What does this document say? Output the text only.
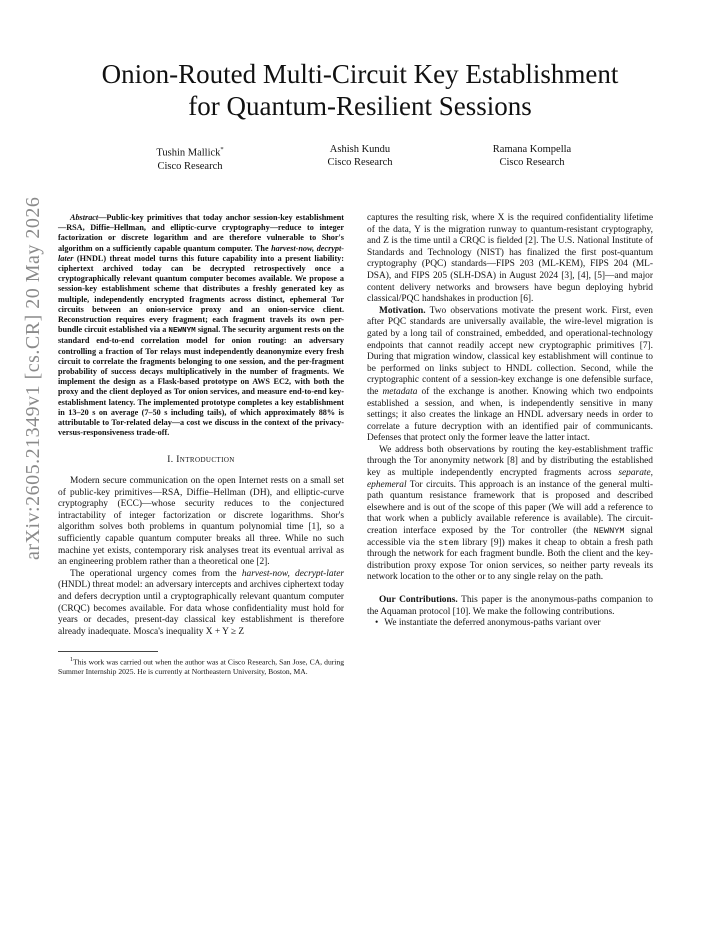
arXiv:2605.21349v1 [cs.CR] 20 May 2026
Onion-Routed Multi-Circuit Key Establishment
for Quantum-Resilient Sessions
Tushin Mallick*
Cisco Research
Ashish Kundu
Cisco Research
Ramana Kompella
Cisco Research

Abstract—Public-key primitives that today anchor session-key establishment—RSA, Diffie–Hellman, and elliptic-curve cryptography—reduce to integer factorization or discrete logarithm and are therefore vulnerable to Shor's algorithm on a sufficiently capable quantum computer. The harvest-now, decrypt-later (HNDL) threat model turns this future capability into a present liability: ciphertext archived today can be decrypted retrospectively once a cryptographically relevant quantum computer becomes available. We propose a session-key establishment scheme that distributes a freshly generated key as multiple, independently encrypted fragments across distinct, ephemeral Tor circuits between an onion-service proxy and an onion-service client. Reconstruction requires every fragment; each fragment travels its own per-bundle circuit established via a NEWNYM signal. The security argument rests on the standard end-to-end correlation model for onion routing: an adversary controlling a fraction of Tor relays must independently deanonymize every fresh circuit to correlate the fragments belonging to one session, and the per-fragment probability of success decays multiplicatively in the number of fragments. We implement the design as a Flask-based prototype on AWS EC2, with both the proxy and the client deployed as Tor onion services, and measure end-to-end key-establishment latency. The implemented prototype completes a key establishment in 13–20 s on average (7–50 s including tails), of which approximately 88% is attributable to Tor-related delay—a cost we discuss in the context of the privacy-versus-responsiveness trade-off.

I. Introduction

Modern secure communication on the open Internet rests on a small set of public-key primitives—RSA, Diffie–Hellman (DH), and elliptic-curve cryptography (ECC)—whose security reduces to the conjectured intractability of integer factorization or discrete logarithms. Shor's algorithm solves both problems in quantum polynomial time [1], so a sufficiently capable quantum computer breaks all three. While no such machine yet exists, contemporary risk analyses treat its eventual arrival as an engineering problem rather than a theoretical one [2].

The operational urgency comes from the harvest-now, decrypt-later (HNDL) threat model: an adversary intercepts and archives ciphertext today and defers decryption until a cryptographically relevant quantum computer (CRQC) becomes available. For data whose confidentiality must hold for years or decades, present-day classical key establishment is therefore already inadequate. Mosca's inequality X + Y ≥ Z

$^1$This work was carried out when the author was at Cisco Research, San Jose, CA, during Summer Internship 2025. He is currently at Northeastern University, Boston, MA.

captures the resulting risk, where X is the required confidentiality lifetime of the data, Y is the migration runway to quantum-resistant cryptography, and Z is the time until a CRQC is fielded [2]. The U.S. National Institute of Standards and Technology (NIST) has finalized the first post-quantum cryptography (PQC) standards—FIPS 203 (ML-KEM), FIPS 204 (ML-DSA), and FIPS 205 (SLH-DSA) in August 2024 [3], [4], [5]—and major content delivery networks and browsers have begun deploying hybrid classical/PQC handshakes in production [6].

Motivation. Two observations motivate the present work. First, even after PQC standards are universally available, the wire-level migration is gated by a long tail of constrained, embedded, and operational-technology endpoints that cannot readily accept new cryptographic primitives [7]. During that migration window, classical key establishment will continue to be performed on links subject to HNDL collection. Second, while the cryptographic content of a session-key exchange is one defensible surface, the metadata of the exchange is another. Knowing which two endpoints established a session, and when, is independently sensitive in many settings; it also creates the linkage an HNDL adversary needs in order to correlate a future decryption with an identified pair of communicants. Defenses that protect only the former leave the latter intact.

We address both observations by routing the key-establishment traffic through the Tor anonymity network [8] and by distributing the established key as multiple independently encrypted fragments across separate, ephemeral Tor circuits. This approach is an instance of the general multi-path quantum resistance framework that is proposed and described elsewhere and is out of the scope of this paper (We will add a reference to that work when a publicly available reference is available). The circuit-creation interface exposed by the Tor controller (the NEWNYM signal accessible via the stem library [9]) makes it cheap to obtain a fresh path through the network for each fragment bundle. Both the client and the key-distribution proxy expose Tor onion services, so neither party reveals its network location to the other or to any single relay on the path.

Our Contributions. This paper is the anonymous-paths companion to the Aquaman protocol [10]. We make the following contributions.

• We instantiate the deferred anonymous-paths variant over
